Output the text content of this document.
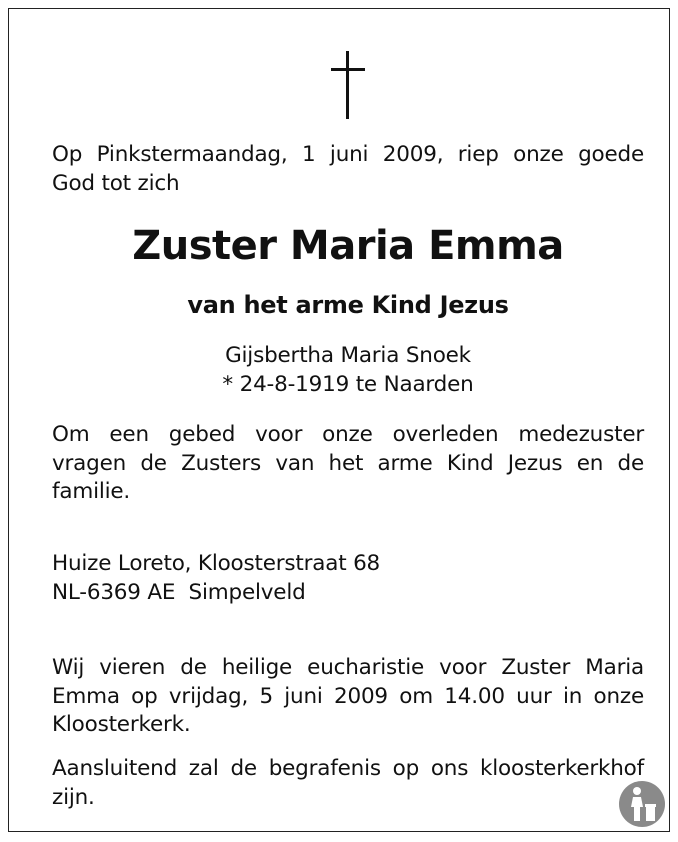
Op Pinkstermaandag, 1 juni 2009, riep onze goede
God tot zich

Zuster Maria Emma
van het arme Kind Jezus

Gijsbertha Maria Snoek
* 24-8-1919 te Naarden

Om een gebed voor onze overleden medezuster
vragen de Zusters van het arme Kind Jezus en de
familie.

Huize Loreto, Kloosterstraat 68
NL-6369 AE  Simpelveld

Wij vieren de heilige eucharistie voor Zuster Maria
Emma op vrijdag, 5 juni 2009 om 14.00 uur in onze
Kloosterkerk.

Aansluitend zal de begrafenis op ons kloosterkerkhof
zijn.
